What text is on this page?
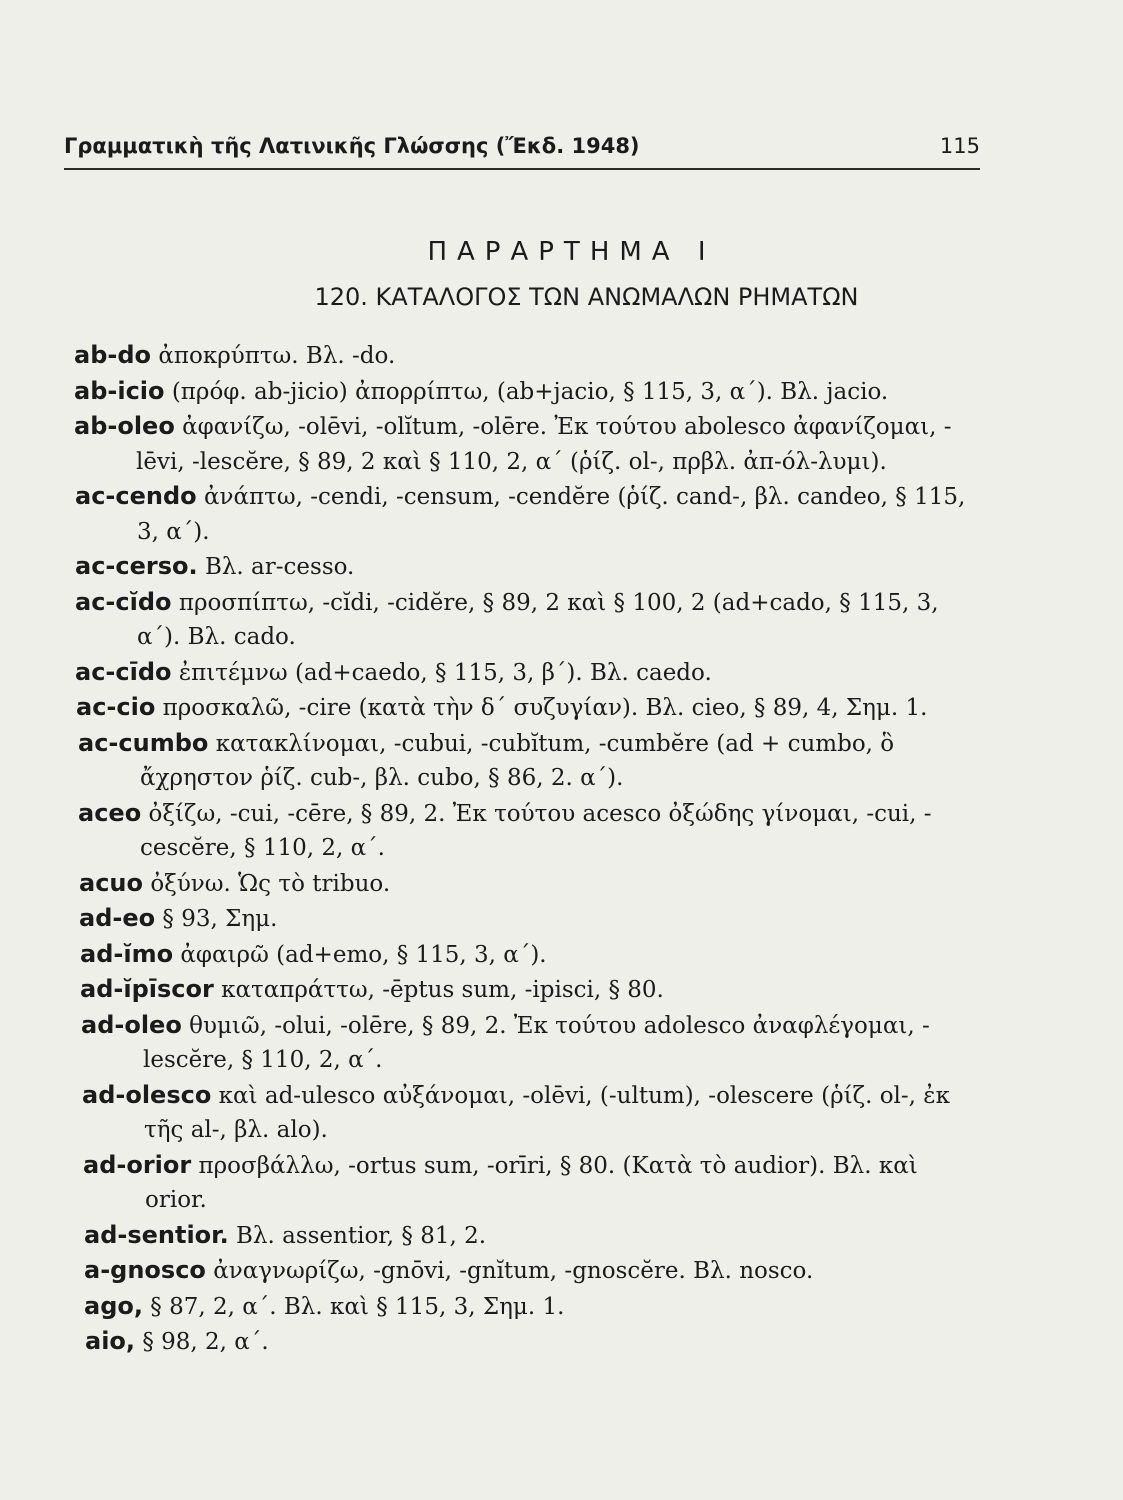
Γραμματικὴ τῆς Λατινικῆς Γλώσσης (Ἔκδ. 1948)	115
ΠΑΡΑΡΤΗΜΑ Ι
120. ΚΑΤΑΛΟΓΟΣ ΤΩΝ ΑΝΩΜΑΛΩΝ ΡΗΜΑΤΩΝ
ab-do ἀποκρύπτω. Βλ. -do.
ab-icio (πρόφ. ab-jicio) ἀπορρίπτω, (ab+jacio, § 115, 3, α΄). Βλ. jacio.
ab-oleo ἀφανίζω, -olēvi, -olĭtum, -olēre. Ἐκ τούτου abolesco ἀφανίζομαι, -lēvi, -lescĕre, § 89, 2 καὶ § 110, 2, α΄ (ῥίζ. ol-, πρβλ. ἀπ-όλ-λυμι).
ac-cendo ἀνάπτω, -cendi, -censum, -cendĕre (ῥίζ. cand-, βλ. candeo, § 115, 3, α΄).
ac-cerso. Βλ. ar-cesso.
ac-cĭdo προσπίπτω, -cĭdi, -cidĕre, § 89, 2 καὶ § 100, 2 (ad+cado, § 115, 3, α΄). Βλ. cado.
ac-cīdo ἐπιτέμνω (ad+caedo, § 115, 3, β΄). Βλ. caedo.
ac-cio προσκαλῶ, -cire (κατὰ τὴν δ΄ συζυγίαν). Βλ. cieo, § 89, 4, Σημ. 1.
ac-cumbo κατακλίνομαι, -cubui, -cubĭtum, -cumbĕre (ad + cumbo, ὃ ἄχρηστον ῥίζ. cub-, βλ. cubo, § 86, 2. α΄).
aceo ὀξίζω, -cui, -cēre, § 89, 2. Ἐκ τούτου acesco ὀξώδης γίνομαι, -cui, -cescĕre, § 110, 2, α΄.
acuo ὀξύνω. Ὡς τὸ tribuo.
ad-eo § 93, Σημ.
ad-ĭmo ἀφαιρῶ (ad+emo, § 115, 3, α΄).
ad-ĭpīscor καταπράττω, -ēptus sum, -ipisci, § 80.
ad-oleo θυμιῶ, -olui, -olēre, § 89, 2. Ἐκ τούτου adolesco ἀναφλέγομαι, -lescĕre, § 110, 2, α΄.
ad-olesco καὶ ad-ulesco αὐξάνομαι, -olēvi, (-ultum), -olescere (ῥίζ. ol-, ἐκ τῆς al-, βλ. alo).
ad-orior προσβάλλω, -ortus sum, -orīri, § 80. (Κατὰ τὸ audior). Βλ. καὶ orior.
ad-sentior. Βλ. assentior, § 81, 2.
a-gnosco ἀναγνωρίζω, -gnōvi, -gnĭtum, -gnoscĕre. Βλ. nosco.
ago, § 87, 2, α΄. Βλ. καὶ § 115, 3, Σημ. 1.
aio, § 98, 2, α΄.
